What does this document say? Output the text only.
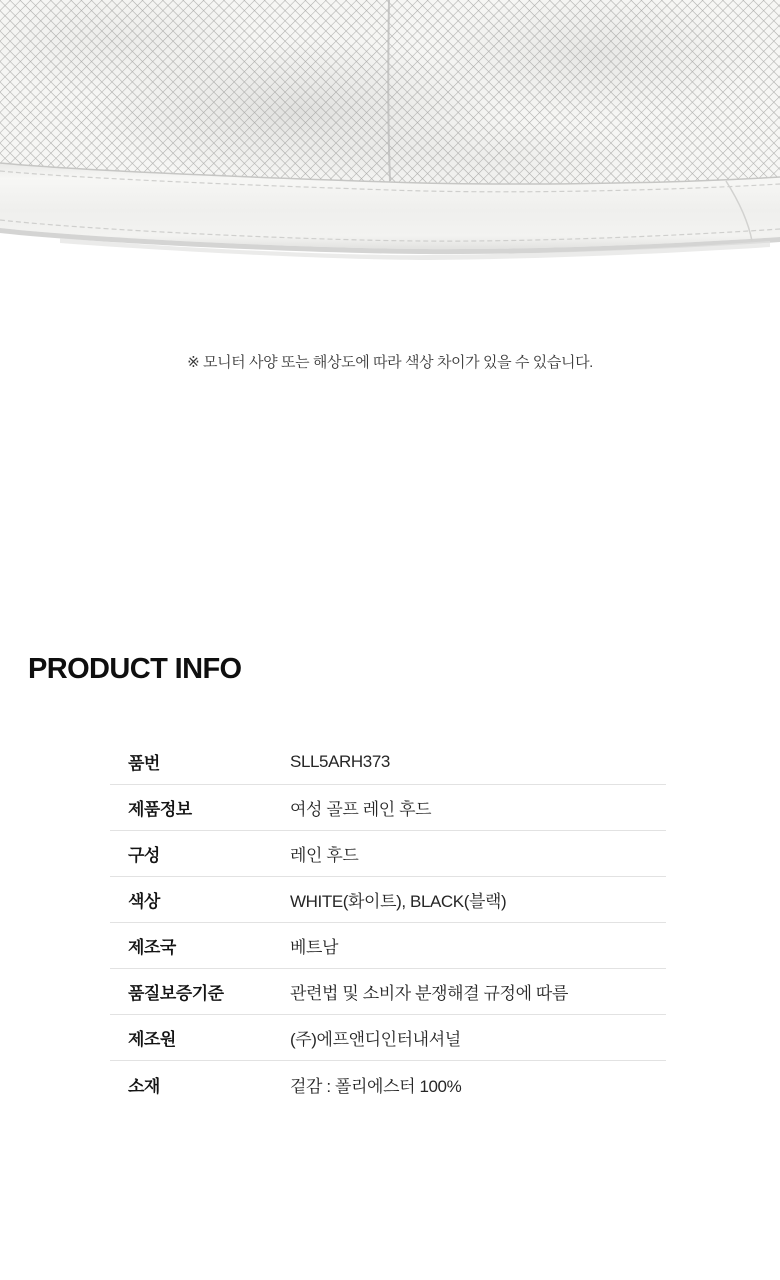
※ 모니터 사양 또는 해상도에 따라 색상 차이가 있을 수 있습니다.
PRODUCT INFO
품번	SLL5ARH373
제품정보	여성 골프 레인 후드
구성	레인 후드
색상	WHITE(화이트), BLACK(블랙)
제조국	베트남
품질보증기준	관련법 및 소비자 분쟁해결 규정에 따름
제조원	(주)에프앤디인터내셔널
소재	겉감 : 폴리에스터 100%
